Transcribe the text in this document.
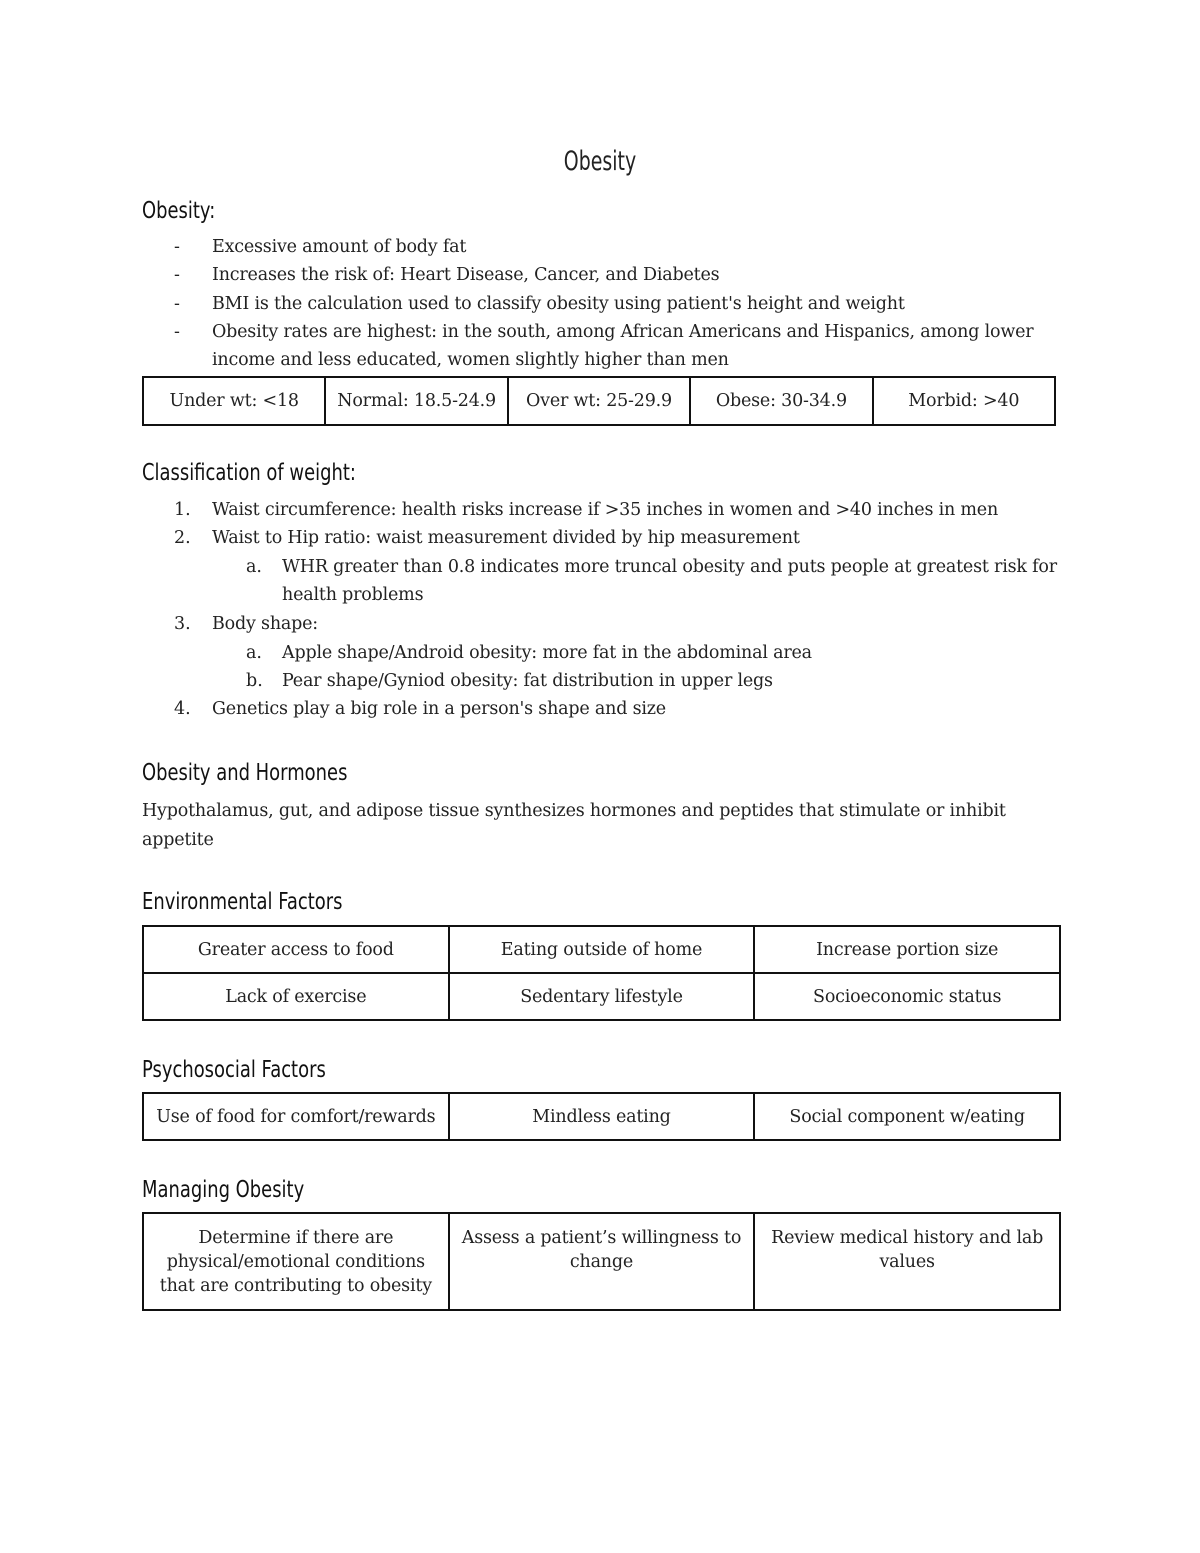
Obesity
Obesity:
- Excessive amount of body fat
- Increases the risk of: Heart Disease, Cancer, and Diabetes
- BMI is the calculation used to classify obesity using patient's height and weight
- Obesity rates are highest: in the south, among African Americans and Hispanics, among lower
income and less educated, women slightly higher than men
Under wt: <18	Normal: 18.5-24.9	Over wt: 25-29.9	Obese: 30-34.9	Morbid: >40
Classification of weight:
1. Waist circumference: health risks increase if >35 inches in women and >40 inches in men
2. Waist to Hip ratio: waist measurement divided by hip measurement
a. WHR greater than 0.8 indicates more truncal obesity and puts people at greatest risk for
health problems
3. Body shape:
a. Apple shape/Android obesity: more fat in the abdominal area
b. Pear shape/Gyniod obesity: fat distribution in upper legs
4. Genetics play a big role in a person's shape and size
Obesity and Hormones

Hypothalamus, gut, and adipose tissue synthesizes hormones and peptides that stimulate or inhibit appetite

Environmental Factors
Greater access to food	Eating outside of home	Increase portion size
Lack of exercise	Sedentary lifestyle	Socioeconomic status
Psychosocial Factors
Use of food for comfort/rewards	Mindless eating	Social component w/eating
Managing Obesity
Determine if there are physical/emotional conditions that are contributing to obesity	Assess a patient’s willingness to change	Review medical history and lab values
